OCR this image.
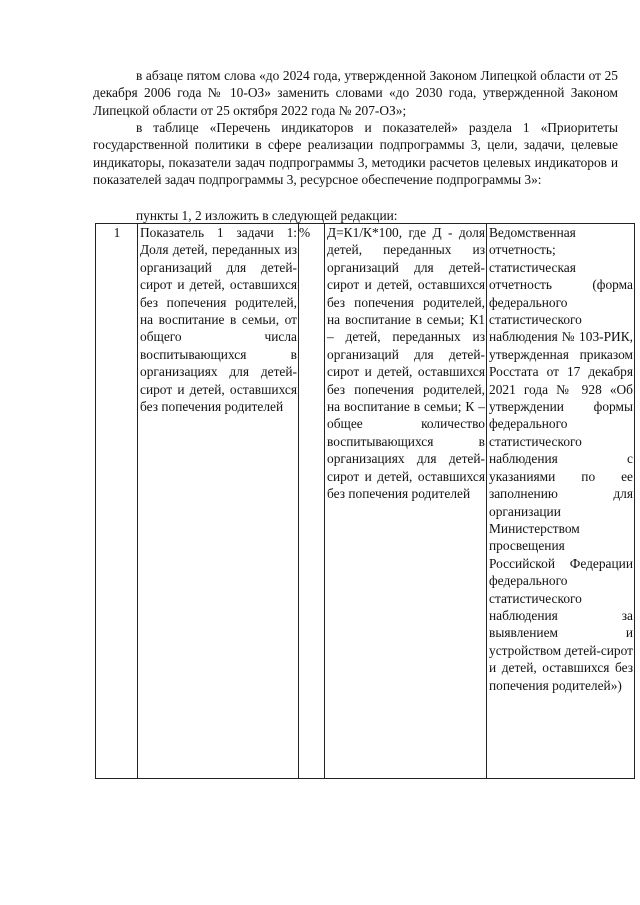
в абзаце пятом слова «до 2024 года, утвержденной Законом Липецкой области от 25 декабря 2006 года № 10-ОЗ» заменить словами «до 2030 года, утвержденной Законом Липецкой области от 25 октября 2022 года № 207-ОЗ»;

в таблице «Перечень индикаторов и показателей» раздела 1 «Приоритеты государственной политики в сфере реализации подпрограммы 3, цели, задачи, целевые индикаторы, показатели задач подпрограммы 3, методики расчетов целевых индикаторов и показателей задач подпрограммы 3, ресурсное обеспечение подпрограммы 3»:

пункты 1, 2 изложить в следующей редакции:

1	Показатель 1 задачи 1: Доля детей, переданных из организаций для детей-сирот и детей, оставшихся без попечения родителей, на воспитание в семьи, от общего числа воспитывающихся в организациях для детей-сирот и детей, оставшихся без попечения родителей	%	Д=К1/К*100, где Д - доля детей, переданных из организаций для детей-сирот и детей, оставшихся без попечения родителей, на воспитание в семьи; К1 – детей, переданных из организаций для детей-сирот и детей, оставшихся без попечения родителей, на воспитание в семьи; К – общее количество воспитывающихся в организациях для детей-сирот и детей, оставшихся без попечения родителей	Ведомственная отчетность; статистическая отчетность (форма федерального статистического наблюдения № 103-РИК, утвержденная приказом Росстата от 17 декабря 2021 года № 928 «Об утверждении формы федерального статистического наблюдения с указаниями по ее заполнению для организации Министерством просвещения Российской Федерации федерального статистического наблюдения за выявлением и устройством детей-сирот и детей, оставшихся без попечения родителей»)
